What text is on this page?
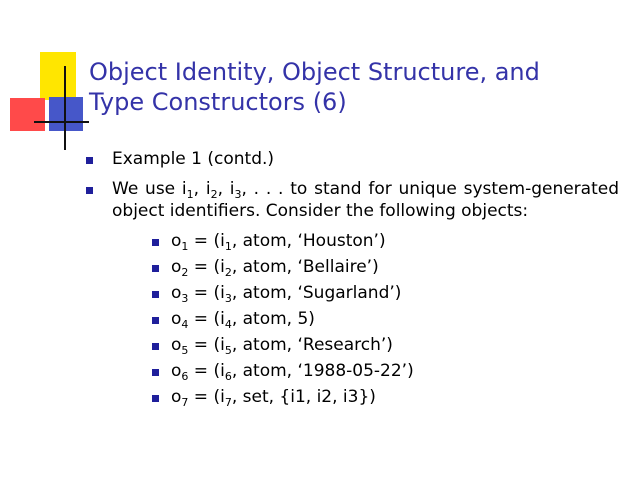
Object Identity, Object Structure, and
Type Constructors (6)
Example 1 (contd.)
We use $i_1$, $i_2$, $i_3$, . . . to stand for unique system-generated object identifiers. Consider the following objects:
$o_1 = (i_1$, atom, ‘Houston’)
$o_2 = (i_2$, atom, ‘Bellaire’)
$o_3 = (i_3$, atom, ‘Sugarland’)
$o_4 = (i_4$, atom, 5)
$o_5 = (i_5$, atom, ‘Research’)
$o_6 = (i_6$, atom, ‘1988-05-22’)
$o_7 = (i_7$, set, {i1, i2, i3})
